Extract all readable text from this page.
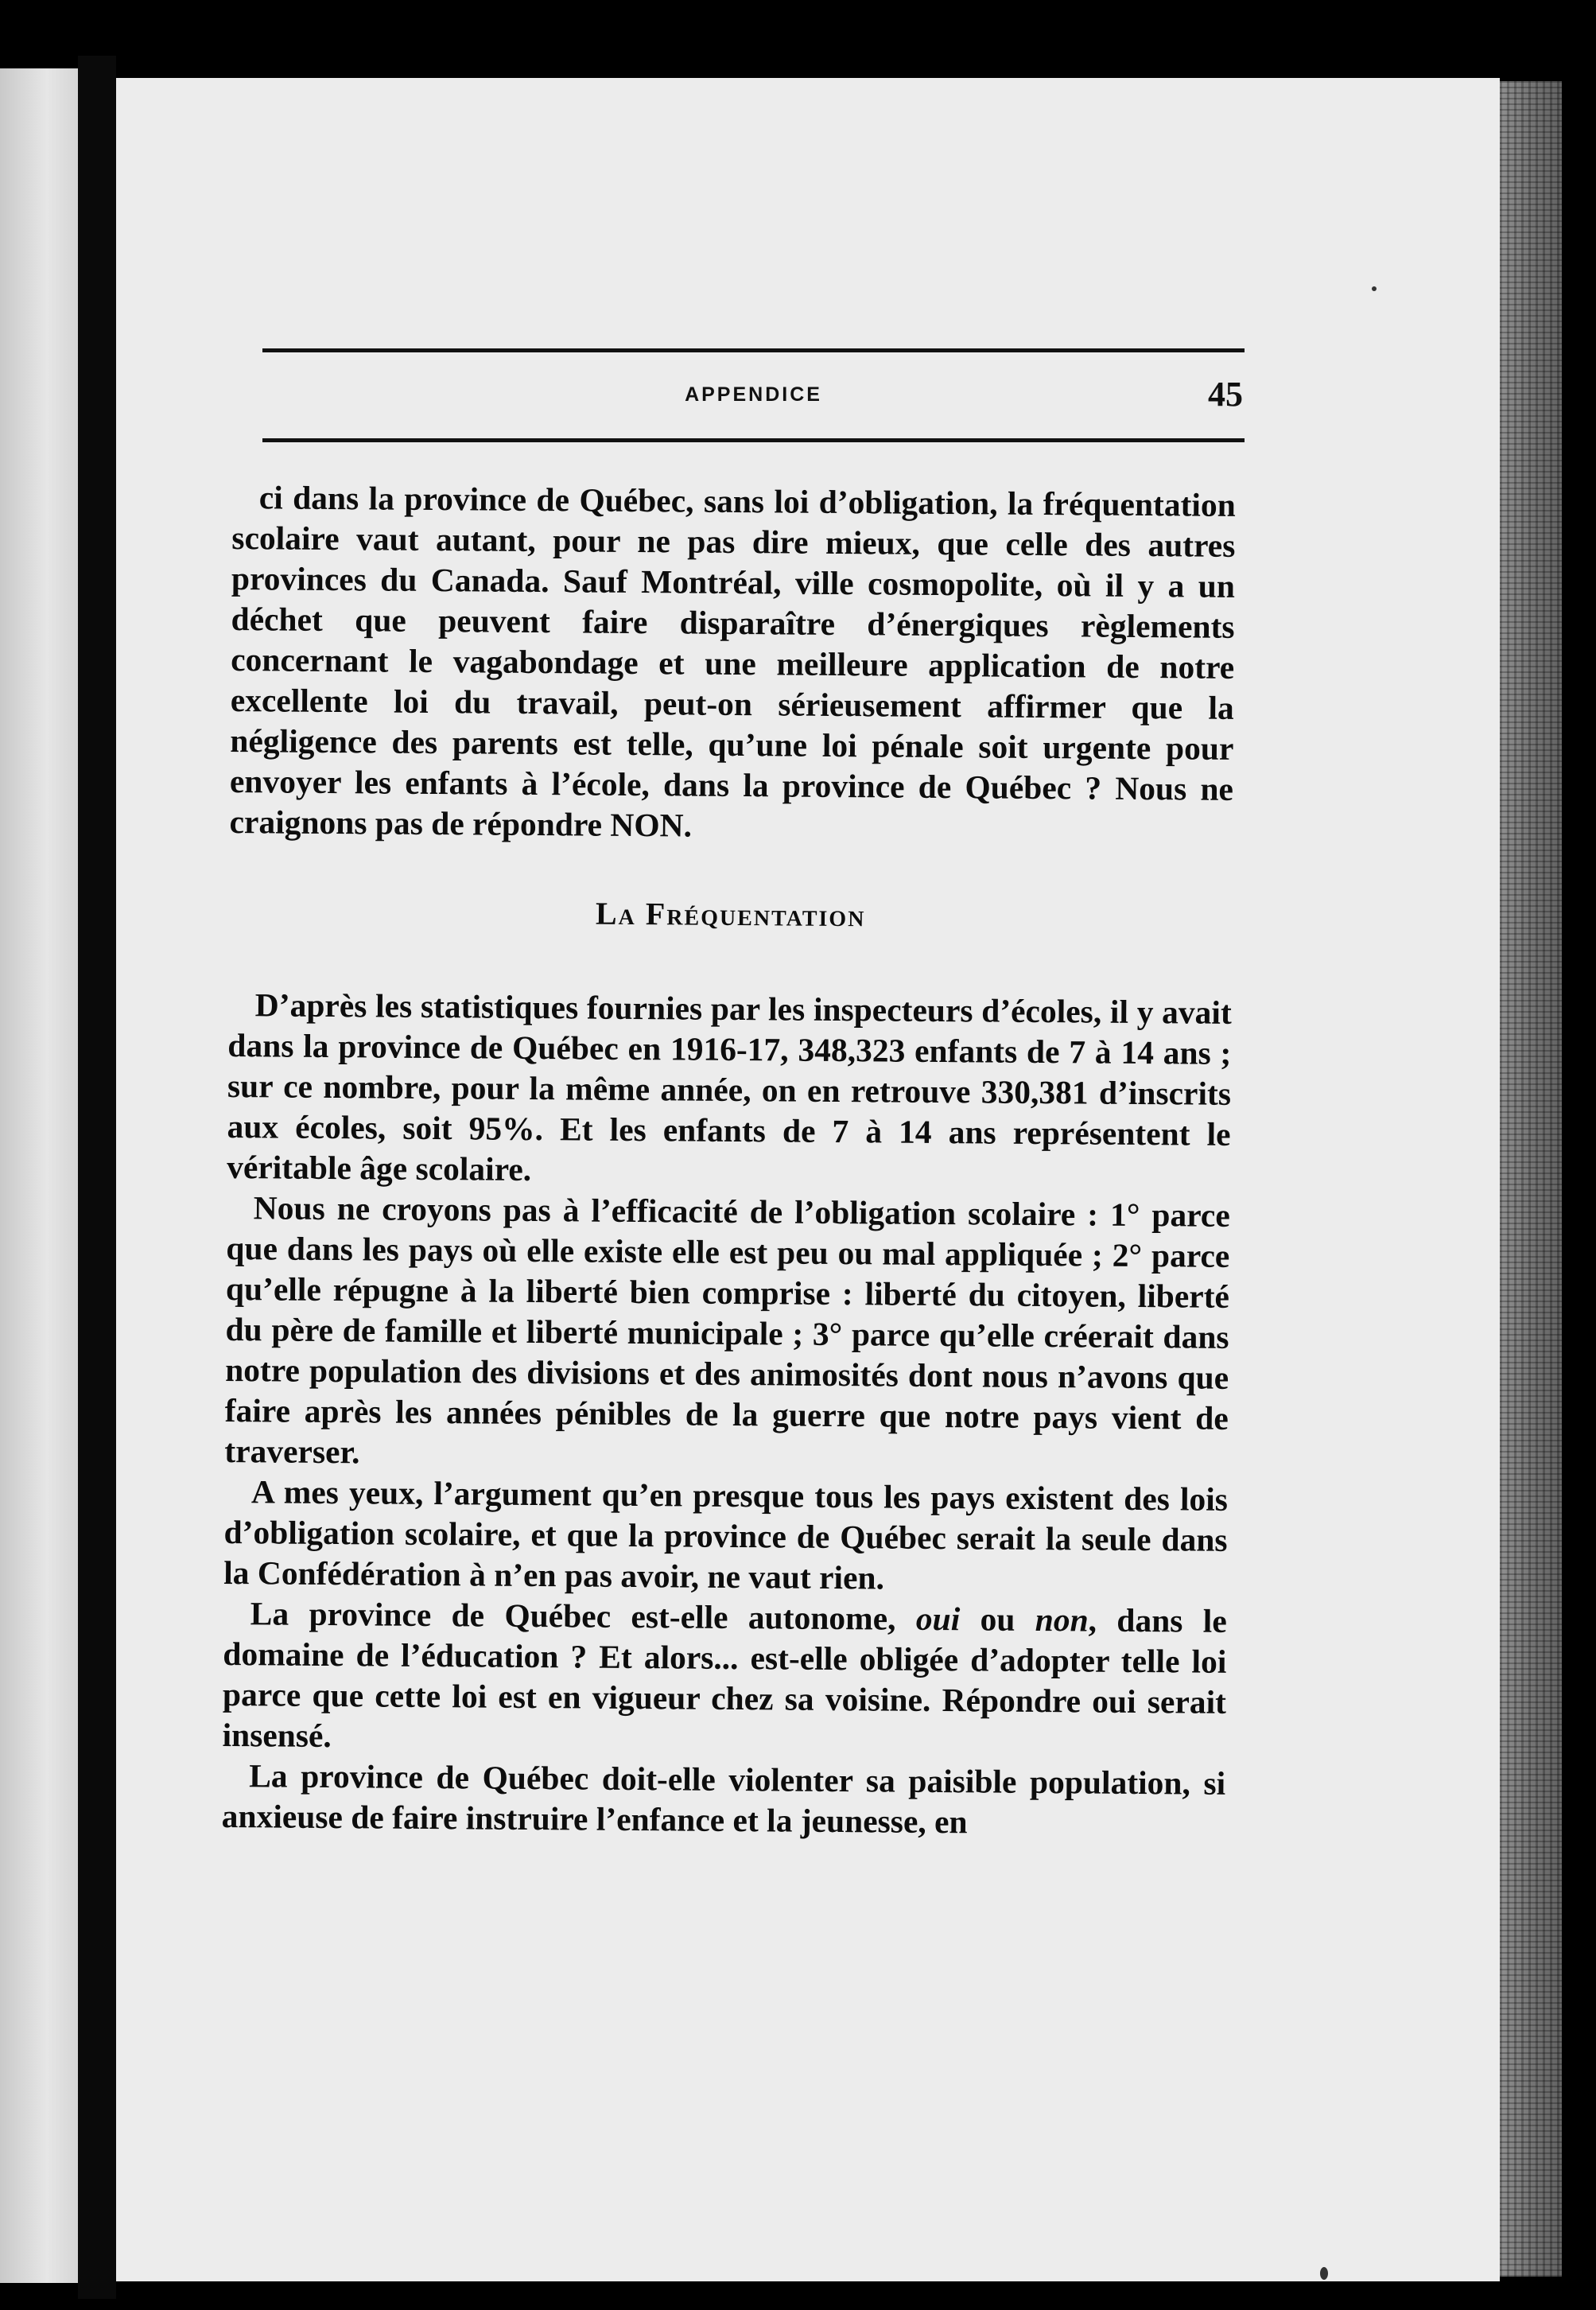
APPENDICE	45

ci dans la province de Québec, sans loi d’obligation, la fréquentation scolaire vaut autant, pour ne pas dire mieux, que celle des autres provinces du Canada. Sauf Montréal, ville cosmopolite, où il y a un déchet que peuvent faire disparaître d’énergiques règlements concernant le vagabondage et une meilleure application de notre excellente loi du travail, peut-on sérieusement affirmer que la négligence des parents est telle, qu’une loi pénale soit urgente pour envoyer les enfants à l’école, dans la province de Québec ? Nous ne craignons pas de répondre NON.

La Fréquentation

D’après les statistiques fournies par les inspecteurs d’écoles, il y avait dans la province de Québec en 1916-17, 348,323 enfants de 7 à 14 ans ; sur ce nombre, pour la même année, on en retrouve 330,381 d’inscrits aux écoles, soit 95%. Et les enfants de 7 à 14 ans représentent le véritable âge scolaire.

Nous ne croyons pas à l’efficacité de l’obligation scolaire : 1° parce que dans les pays où elle existe elle est peu ou mal appliquée ; 2° parce qu’elle répugne à la liberté bien comprise : liberté du citoyen, liberté du père de famille et liberté municipale ; 3° parce qu’elle créerait dans notre population des divisions et des animosités dont nous n’avons que faire après les années pénibles de la guerre que notre pays vient de traverser.

A mes yeux, l’argument qu’en presque tous les pays existent des lois d’obligation scolaire, et que la province de Québec serait la seule dans la Confédération à n’en pas avoir, ne vaut rien.

La province de Québec est-elle autonome, oui ou non, dans le domaine de l’éducation ? Et alors... est-elle obligée d’adopter telle loi parce que cette loi est en vigueur chez sa voisine. Répondre oui serait insensé.

La province de Québec doit-elle violenter sa paisible population, si anxieuse de faire instruire l’enfance et la jeunesse, en
